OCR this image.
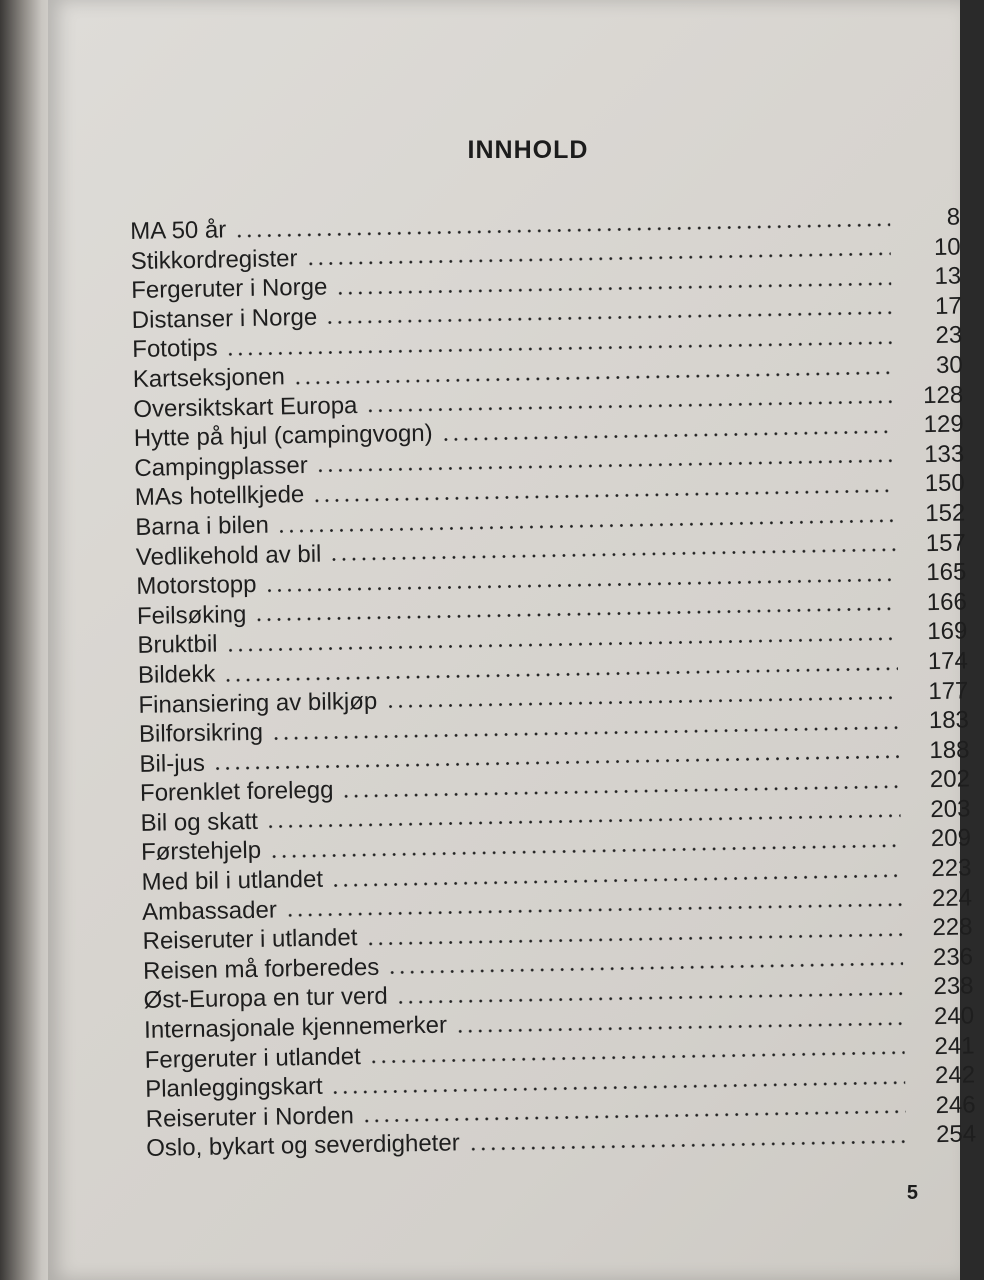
INNHOLD
MA 50 år	8
Stikkordregister	10
Fergeruter i Norge	13
Distanser i Norge	17
Fototips	23
Kartseksjonen	30
Oversiktskart Europa	128
Hytte på hjul (campingvogn)	129
Campingplasser	133
MAs hotellkjede	150
Barna i bilen	152
Vedlikehold av bil	157
Motorstopp	165
Feilsøking	166
Bruktbil	169
Bildekk	174
Finansiering av bilkjøp	177
Bilforsikring	183
Bil-jus	188
Forenklet forelegg	202
Bil og skatt	203
Førstehjelp	209
Med bil i utlandet	223
Ambassader	224
Reiseruter i utlandet	228
Reisen må forberedes	236
Øst-Europa en tur verd	238
Internasjonale kjennemerker	240
Fergeruter i utlandet	241
Planleggingskart	242
Reiseruter i Norden	246
Oslo, bykart og severdigheter	254
5
